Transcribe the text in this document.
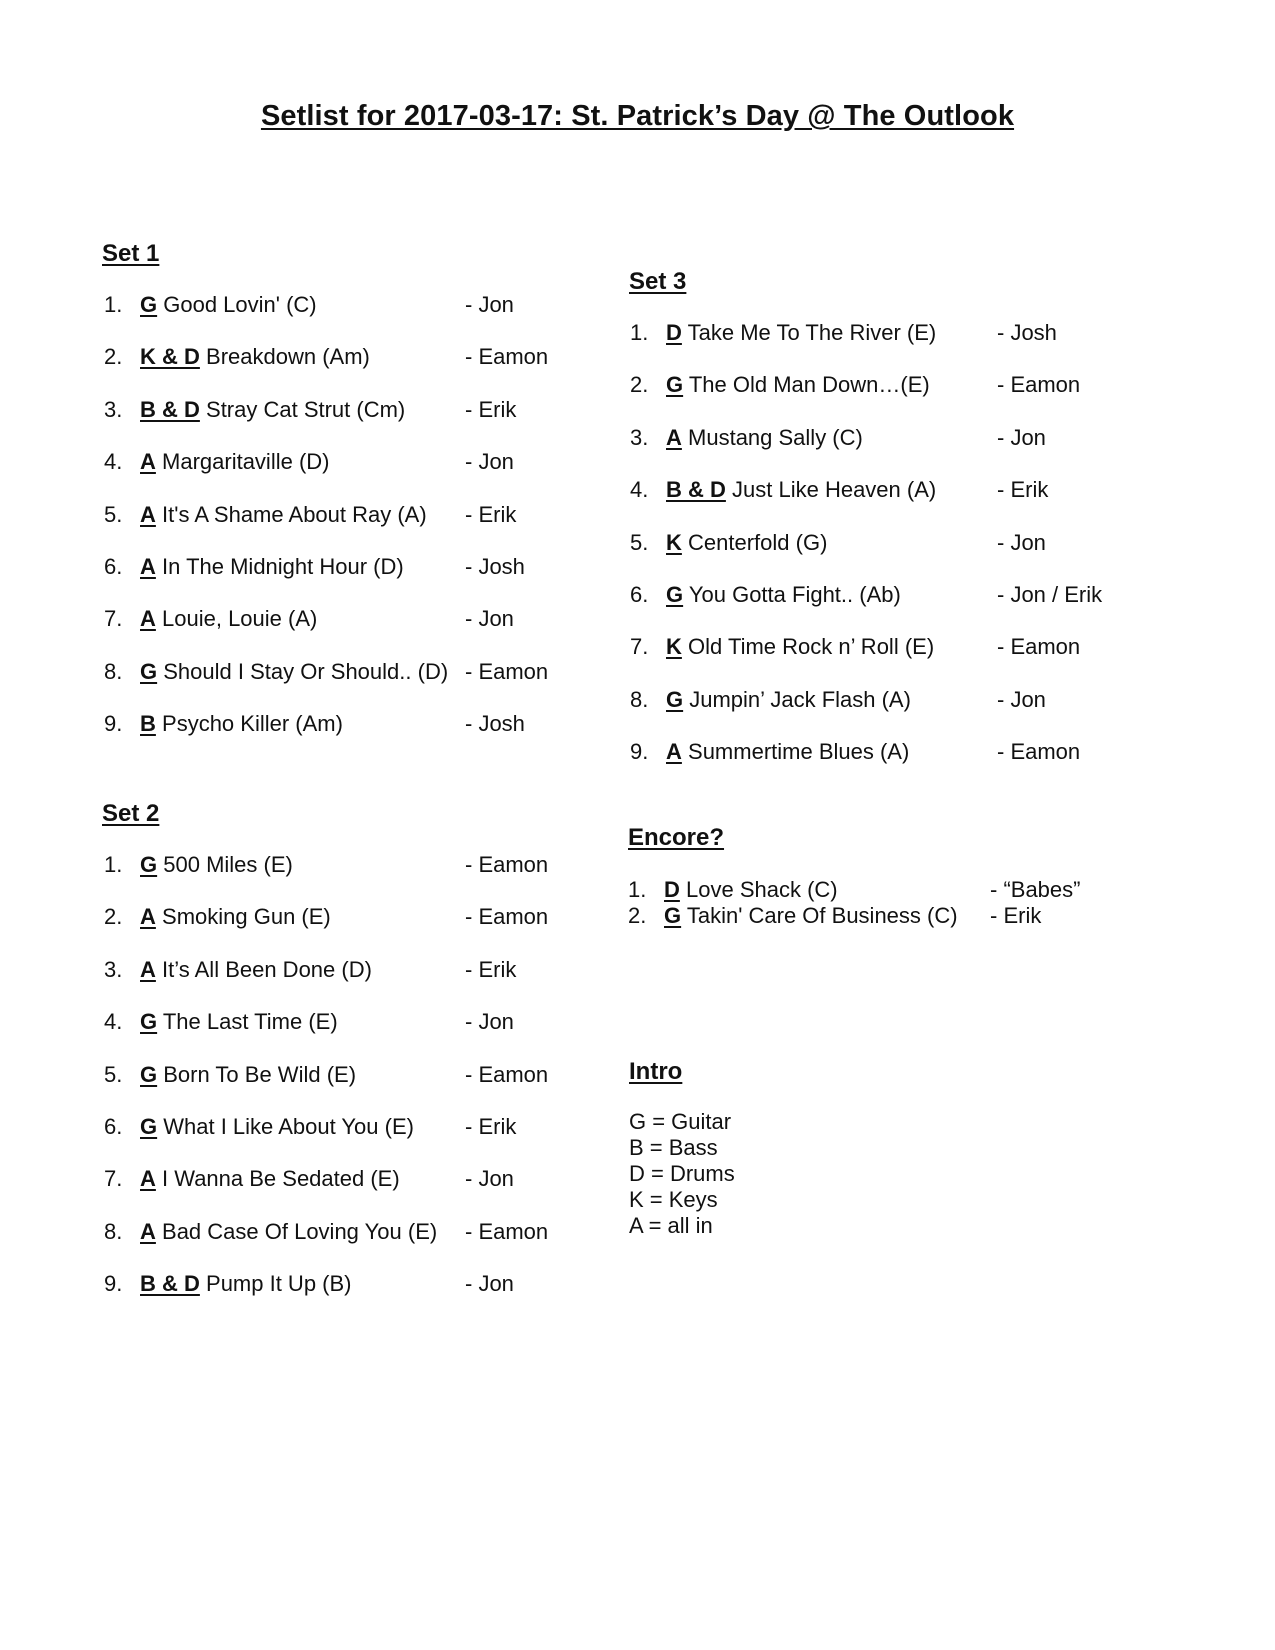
Setlist for 2017-03-17: St. Patrick’s Day @ The Outlook
Set 1
1. G Good Lovin' (C)	- Jon
2. K & D Breakdown (Am)	- Eamon
3. B & D Stray Cat Strut (Cm)	- Erik
4. A Margaritaville (D)	- Jon
5. A It's A Shame About Ray (A) - Erik
6. A In The Midnight Hour (D)	- Josh
7. A Louie, Louie (A)	- Jon
8. G Should I Stay Or Should.. (D) - Eamon
9. B Psycho Killer (Am)	- Josh
Set 2
1. G 500 Miles (E)	- Eamon
2. A Smoking Gun (E)	- Eamon
3. A It’s All Been Done (D)	- Erik
4. G The Last Time (E)	- Jon
5. G Born To Be Wild (E)	- Eamon
6. G What I Like About You (E) - Erik
7. A I Wanna Be Sedated (E)	- Jon
8. A Bad Case Of Loving You (E) - Eamon
9. B & D Pump It Up (B)	- Jon
Set 3
1. D Take Me To The River (E)	- Josh
2. G The Old Man Down…(E)	- Eamon
3. A Mustang Sally (C)	- Jon
4. B & D Just Like Heaven (A)	- Erik
5. K Centerfold (G)	- Jon
6. G You Gotta Fight.. (Ab)	- Jon / Erik
7. K Old Time Rock n’ Roll (E)	- Eamon
8. G Jumpin’ Jack Flash (A)	- Jon
9. A Summertime Blues (A)	- Eamon
Encore?
1. D Love Shack (C)	- “Babes”
2. G Takin' Care Of Business (C) - Erik
Intro
G = Guitar
B = Bass
D = Drums
K = Keys
A = all in
